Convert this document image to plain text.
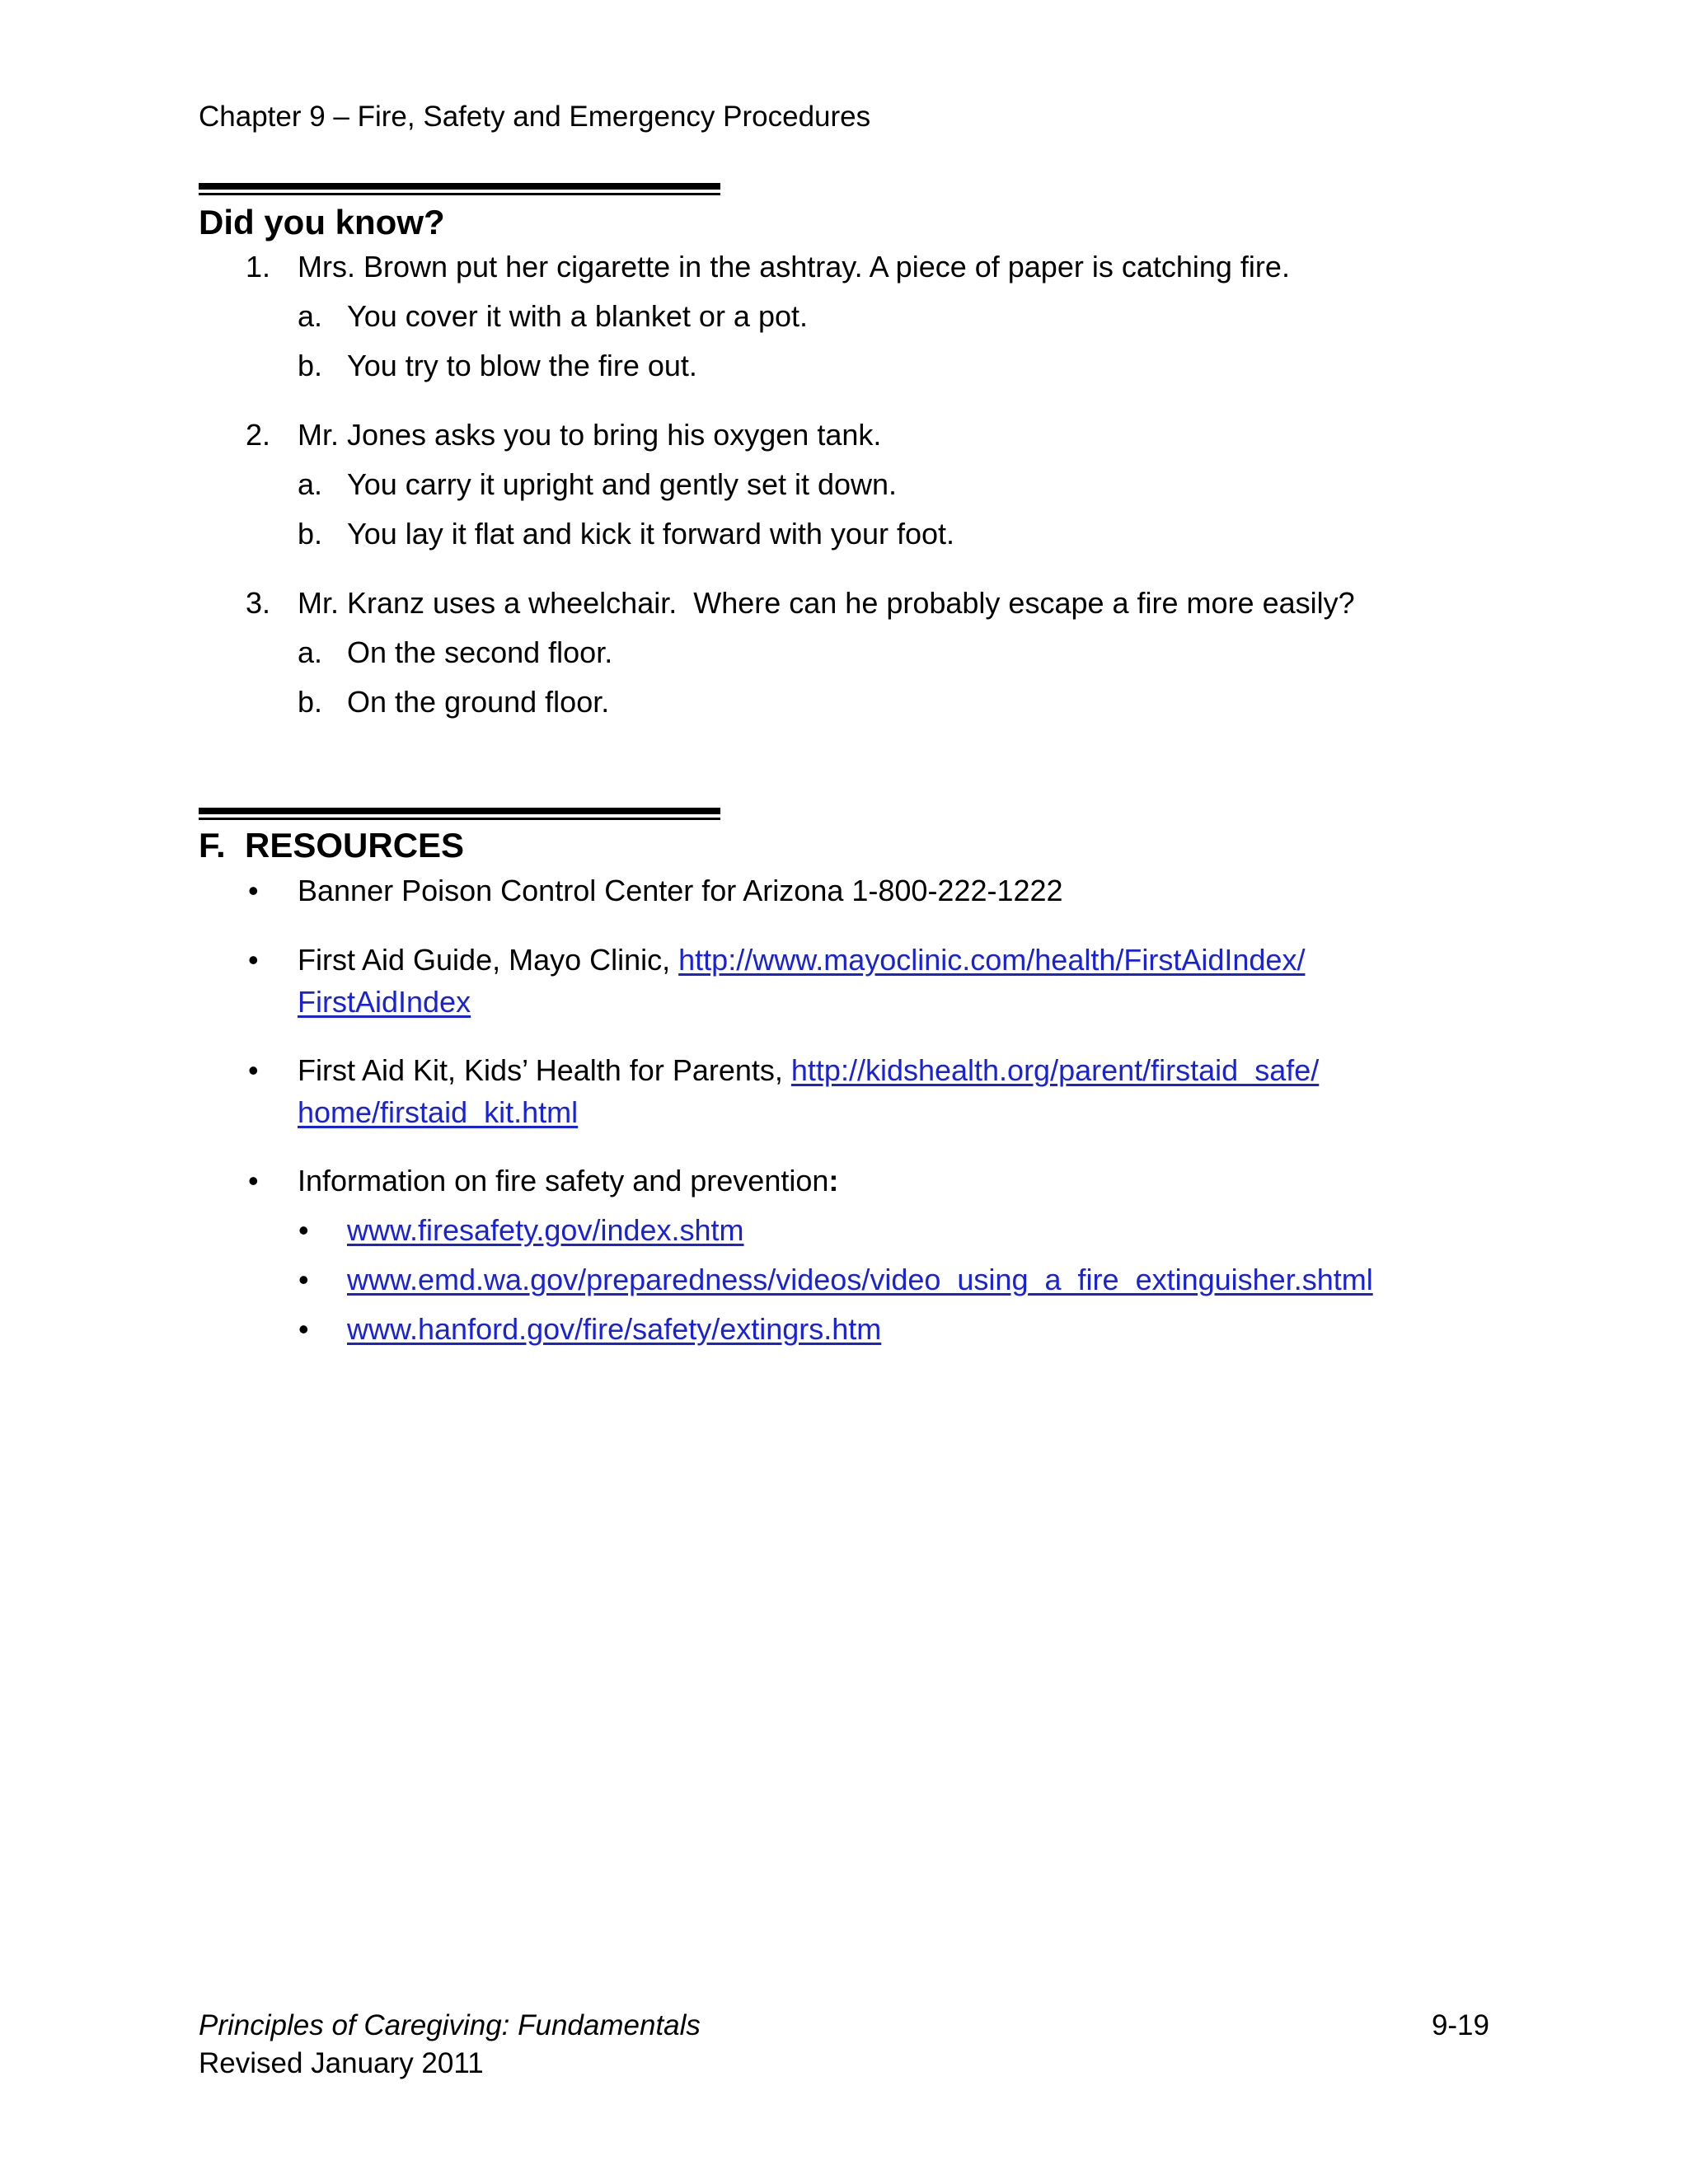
Chapter 9 – Fire, Safety and Emergency Procedures
Did you know?
1. Mrs. Brown put her cigarette in the ashtray. A piece of paper is catching fire.
a. You cover it with a blanket or a pot.
b. You try to blow the fire out.
2. Mr. Jones asks you to bring his oxygen tank.
a. You carry it upright and gently set it down.
b. You lay it flat and kick it forward with your foot.
3. Mr. Kranz uses a wheelchair.  Where can he probably escape a fire more easily?
a. On the second floor.
b. On the ground floor.
F.  RESOURCES
• Banner Poison Control Center for Arizona 1-800-222-1222
• First Aid Guide, Mayo Clinic, http://www.mayoclinic.com/health/FirstAidIndex/
FirstAidIndex
• First Aid Kit, Kids’ Health for Parents, http://kidshealth.org/parent/firstaid_safe/
home/firstaid_kit.html
• Information on fire safety and prevention:
• www.firesafety.gov/index.shtm
• www.emd.wa.gov/preparedness/videos/video_using_a_fire_extinguisher.shtml
• www.hanford.gov/fire/safety/extingrs.htm
Principles of Caregiving: Fundamentals
Revised January 2011
9-19
